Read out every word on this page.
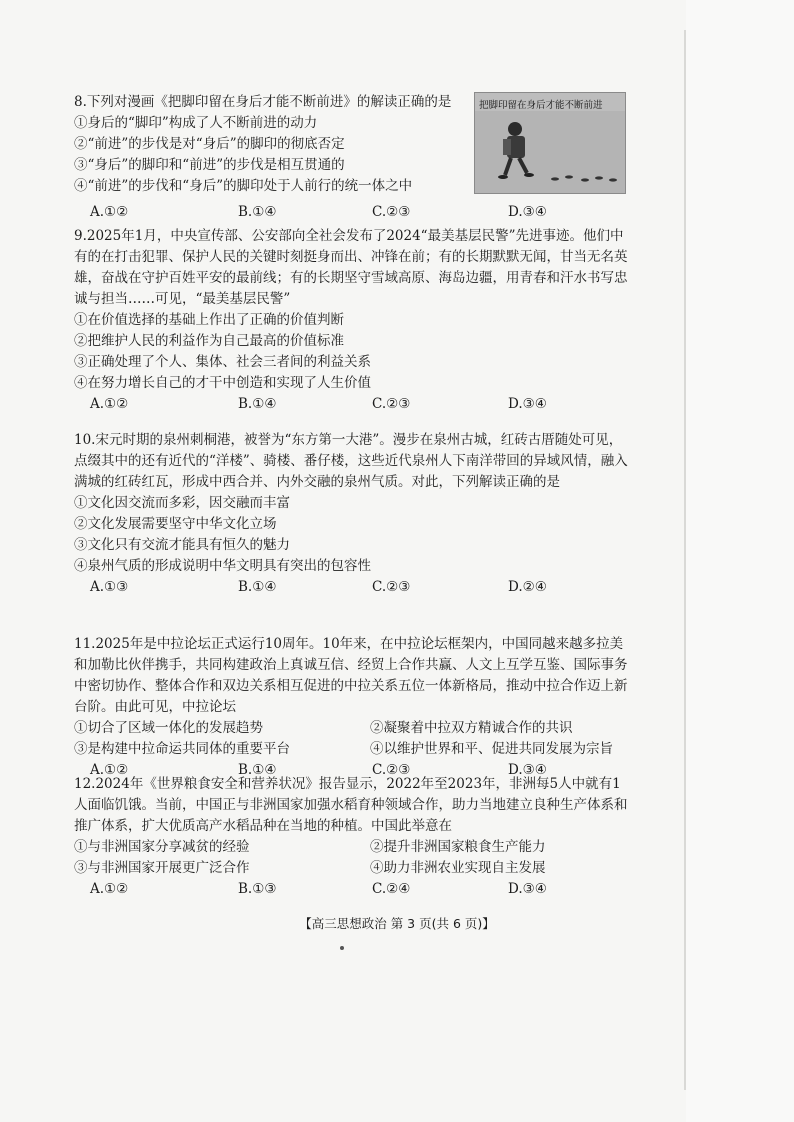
8.下列对漫画《把脚印留在身后才能不断前进》的解读正确的是
①身后的“脚印”构成了人不断前进的动力
②“前进”的步伐是对“身后”的脚印的彻底否定
③“身后”的脚印和“前进”的步伐是相互贯通的
④“前进”的步伐和“身后”的脚印处于人前行的统一体之中
A.①②	B.①④	C.②③	D.③④
把脚印留在身后才能不断前进
9.2025年1月，中央宣传部、公安部向全社会发布了2024“最美基层民警”先进事迹。他们中有的在打击犯罪、保护人民的关键时刻挺身而出、冲锋在前；有的长期默默无闻，甘当无名英雄，奋战在守护百姓平安的最前线；有的长期坚守雪域高原、海岛边疆，用青春和汗水书写忠诚与担当……可见，“最美基层民警”
①在价值选择的基础上作出了正确的价值判断
②把维护人民的利益作为自己最高的价值标准
③正确处理了个人、集体、社会三者间的利益关系
④在努力增长自己的才干中创造和实现了人生价值
A.①②	B.①④	C.②③	D.③④
10.宋元时期的泉州刺桐港，被誉为“东方第一大港”。漫步在泉州古城，红砖古厝随处可见，点缀其中的还有近代的“洋楼”、骑楼、番仔楼，这些近代泉州人下南洋带回的异域风情，融入满城的红砖红瓦，形成中西合并、内外交融的泉州气质。对此，下列解读正确的是
①文化因交流而多彩，因交融而丰富
②文化发展需要坚守中华文化立场
③文化只有交流才能具有恒久的魅力
④泉州气质的形成说明中华文明具有突出的包容性
A.①③	B.①④	C.②③	D.②④
11.2025年是中拉论坛正式运行10周年。10年来，在中拉论坛框架内，中国同越来越多拉美和加勒比伙伴携手，共同构建政治上真诚互信、经贸上合作共赢、人文上互学互鉴、国际事务中密切协作、整体合作和双边关系相互促进的中拉关系五位一体新格局，推动中拉合作迈上新台阶。由此可见，中拉论坛
①切合了区域一体化的发展趋势	②凝聚着中拉双方精诚合作的共识
③是构建中拉命运共同体的重要平台	④以维护世界和平、促进共同发展为宗旨
A.①②	B.①④	C.②③	D.③④
12.2024年《世界粮食安全和营养状况》报告显示，2022年至2023年，非洲每5人中就有1人面临饥饿。当前，中国正与非洲国家加强水稻育种领域合作，助力当地建立良种生产体系和推广体系，扩大优质高产水稻品种在当地的种植。中国此举意在
①与非洲国家分享减贫的经验	②提升非洲国家粮食生产能力
③与非洲国家开展更广泛合作	④助力非洲农业实现自主发展
A.①②	B.①③	C.②④	D.③④
【高三思想政治 第 3 页(共 6 页)】
